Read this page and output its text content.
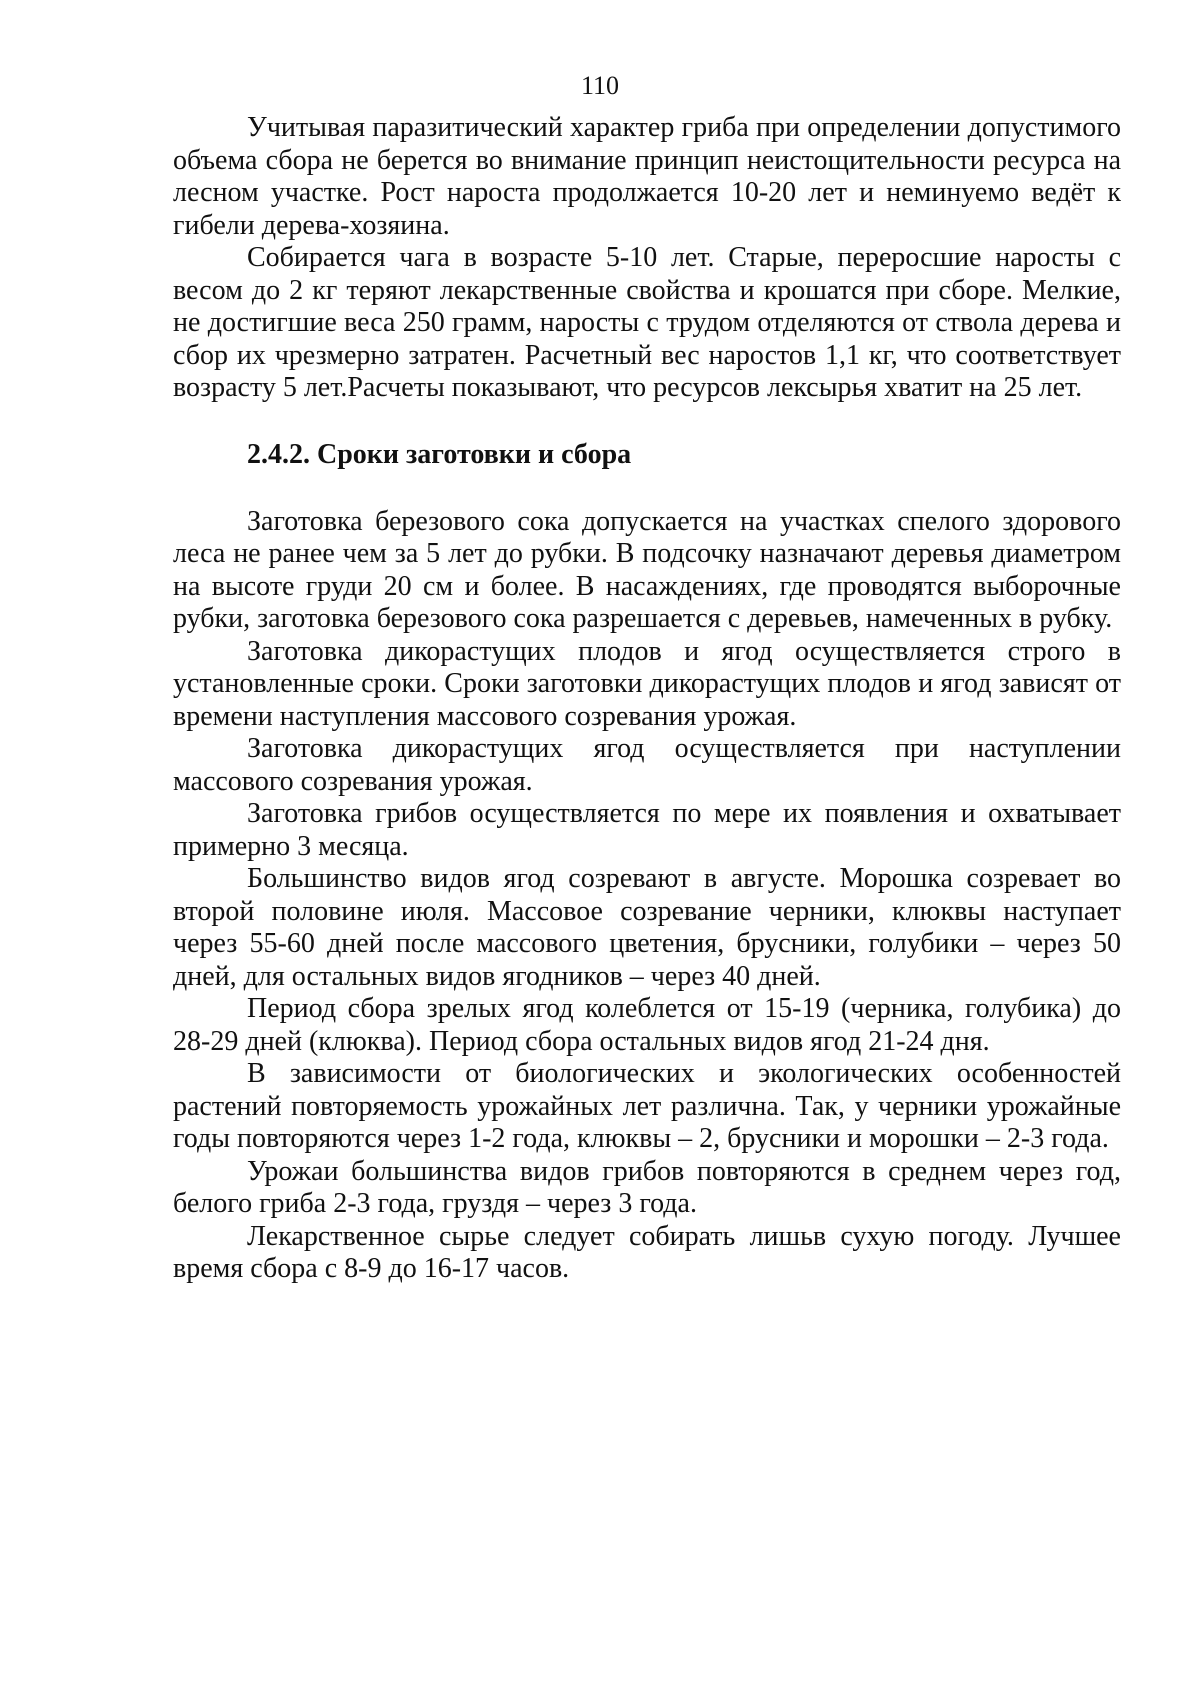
110

Учитывая паразитический характер гриба при определении допустимого объема сбора не берется во внимание принцип неистощительности ресурса на лесном участке. Рост нароста продолжается 10-20 лет и неминуемо ведёт к гибели дерева-хозяина.

Собирается чага в возрасте 5-10 лет. Старые, переросшие наросты с весом до 2 кг теряют лекарственные свойства и крошатся при сборе. Мелкие, не достигшие веса 250 грамм, наросты с трудом отделяются от ствола дерева и сбор их чрезмерно затратен. Расчетный вес наростов 1,1 кг, что соответствует возрасту 5 лет.Расчеты показывают, что ресурсов лексырья хватит на 25 лет.

2.4.2. Сроки заготовки и сбора

Заготовка березового сока допускается на участках спелого здорового леса не ранее чем за 5 лет до рубки. В подсочку назначают деревья диаметром на высоте груди 20 см и более. В насаждениях, где проводятся выборочные рубки, заготовка березового сока разрешается с деревьев, намеченных в рубку.

Заготовка дикорастущих плодов и ягод осуществляется строго в установленные сроки. Сроки заготовки дикорастущих плодов и ягод зависят от времени наступления массового созревания урожая.

Заготовка дикорастущих ягод осуществляется при наступлении массового созревания урожая.

Заготовка грибов осуществляется по мере их появления и охватывает примерно 3 месяца.

Большинство видов ягод созревают в августе. Морошка созревает во второй половине июля. Массовое созревание черники, клюквы наступает через 55-60 дней после массового цветения, брусники, голубики – через 50 дней, для остальных видов ягодников – через 40 дней.

Период сбора зрелых ягод колеблется от 15-19 (черника, голубика) до 28-29 дней (клюква). Период сбора остальных видов ягод 21-24 дня.

В зависимости от биологических и экологических особенностей растений повторяемость урожайных лет различна. Так, у черники урожайные годы повторяются через 1-2 года, клюквы – 2, брусники и морошки – 2-3 года.

Урожаи большинства видов грибов повторяются в среднем через год, белого гриба 2-3 года, груздя – через 3 года.

Лекарственное сырье следует собирать лишьв сухую погоду. Лучшее время сбора с 8-9 до 16-17 часов.
